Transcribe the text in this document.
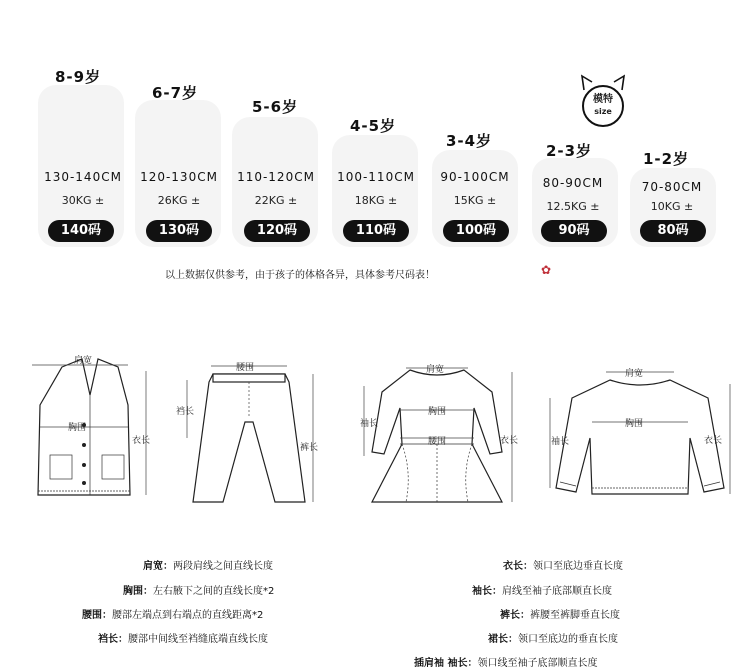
8-9岁
130-140CM
30KG ±
140码
6-7岁
120-130CM
26KG ±
130码
5-6岁
110-120CM
22KG ±
120码
4-5岁
100-110CM
18KG ±
110码
3-4岁
90-100CM
15KG ±
100码
2-3岁
80-90CM
12.5KG ±
90码
1-2岁
70-80CM
10KG ±
80码
模特
size
以上数据仅供参考，由于孩子的体格各异，具体参考尺码表！	✿
肩宽
胸围
衣长
腰围
裆长
裤长
肩宽
袖长
胸围
腰围	衣长
肩宽
胸围
袖长	衣长
肩宽：两段肩线之间直线长度
胸围：左右腋下之间的直线长度*2
腰围：腰部左端点到右端点的直线距离*2
裆长：腰部中间线至裆缝底端直线长度
衣长：领口至底边垂直长度
袖长：肩线至袖子底部顺直长度
裤长：裤腰至裤脚垂直长度
裙长：领口至底边的垂直长度
插肩袖 袖长：领口线至袖子底部顺直长度
